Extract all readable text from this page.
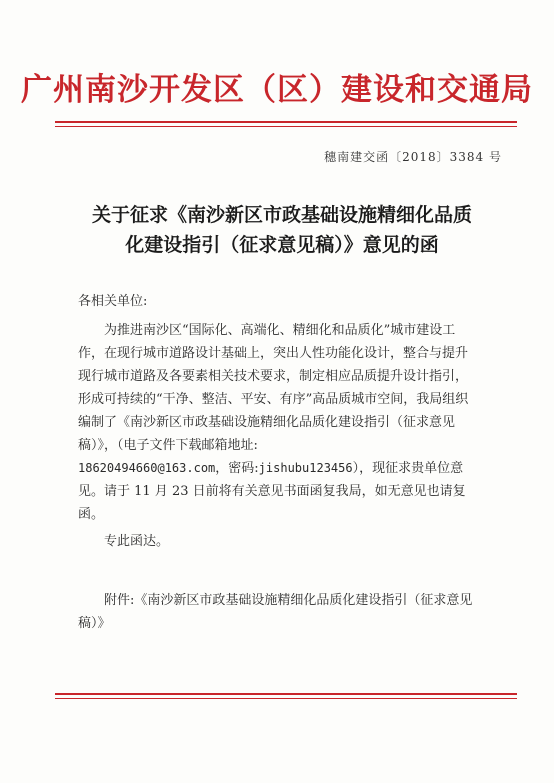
广州南沙开发区（区）建设和交通局
穗南建交函〔2018〕3384 号
关于征求《南沙新区市政基础设施精细化品质
化建设指引（征求意见稿）》意见的函

各相关单位:

为推进南沙区“国际化、高端化、精细化和品质化”城市建设工作，在现行城市道路设计基础上，突出人性功能化设计，整合与提升现行城市道路及各要素相关技术要求，制定相应品质提升设计指引，形成可持续的“干净、整洁、平安、有序”高品质城市空间，我局组织编制了《南沙新区市政基础设施精细化品质化建设指引（征求意见稿）》，（电子文件下载邮箱地址:
18620494660@163.com，密码:jishubu123456），现征求贵单位意见。请于 11 月 23 日前将有关意见书面函复我局，如无意见也请复函。

专此函达。

附件:《南沙新区市政基础设施精细化品质化建设指引（征求意见稿）》
